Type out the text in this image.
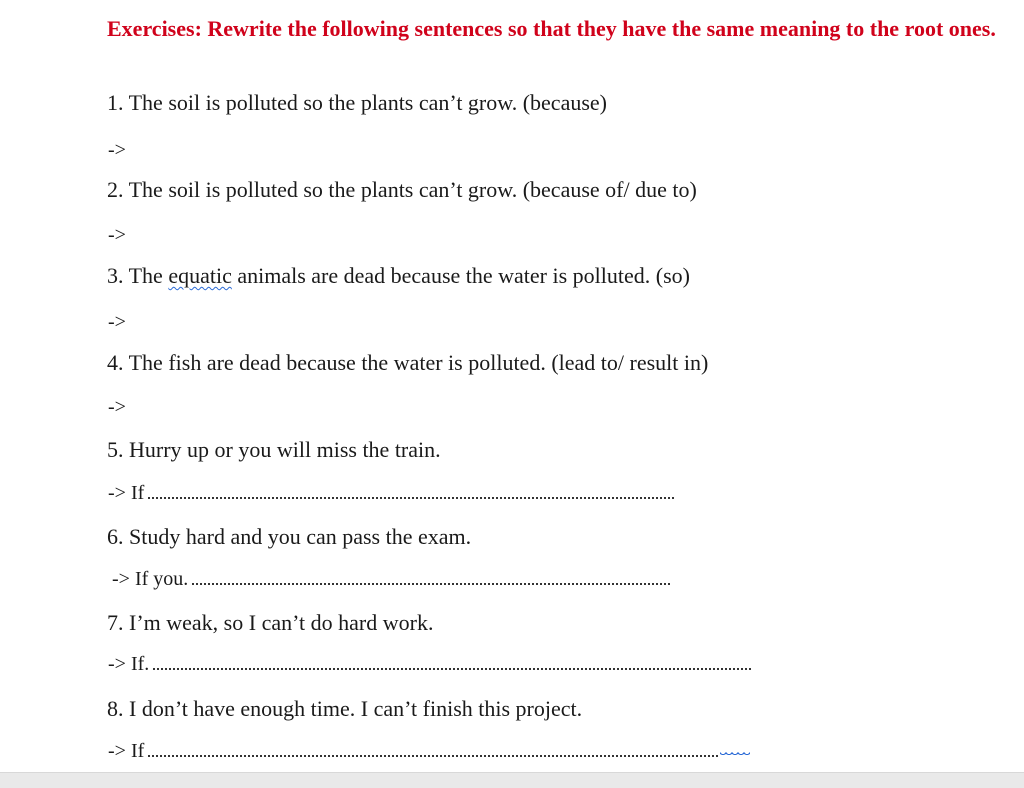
Exercises: Rewrite the following sentences so that they have the same meaning to the root ones.

1. The soil is polluted so the plants can’t grow. (because)

->

2. The soil is polluted so the plants can’t grow. (because of/ due to)

->

3. The equatic animals are dead because the water is polluted. (so)

->

4. The fish are dead because the water is polluted. (lead to/ result in)

->

5. Hurry up or you will miss the train.

-> If

6. Study hard and you can pass the exam.

-> If you.

7. I’m weak, so I can’t do hard work.

-> If.

8. I don’t have enough time. I can’t finish this project.

-> If
